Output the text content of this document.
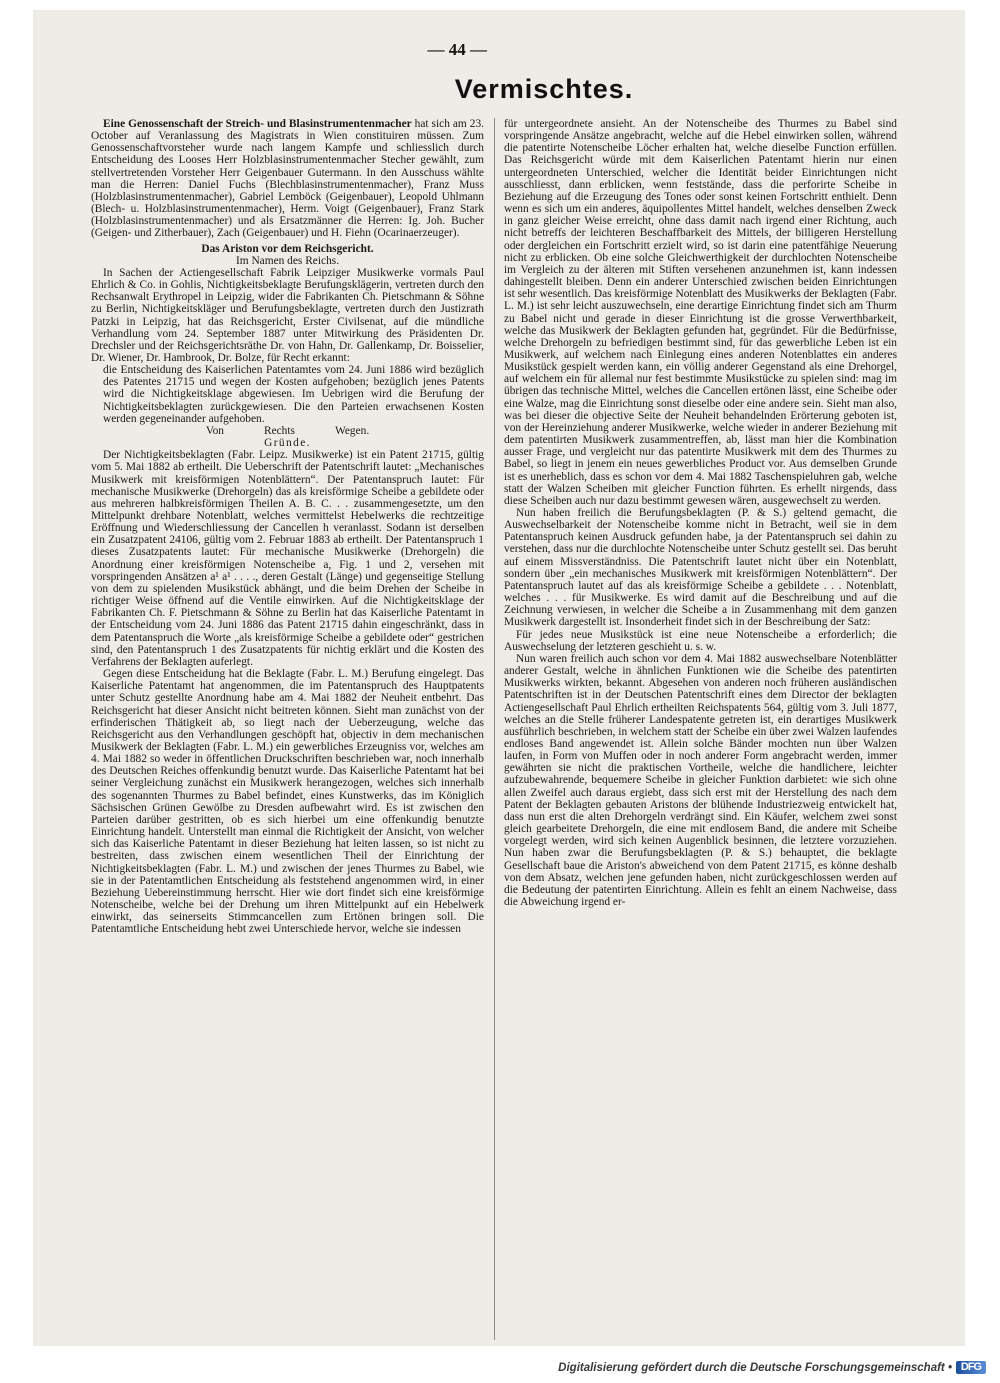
— 44 —
Vermischtes.

Eine Genossenschaft der Streich- und Blasinstrumentenmacher hat sich am 23. October auf Veranlassung des Magistrats in Wien constituiren müssen. Zum Genossenschaftvorsteher wurde nach langem Kampfe und schliesslich durch Entscheidung des Looses Herr Holzblasinstrumentenmacher Stecher gewählt, zum stellvertretenden Vorsteher Herr Geigenbauer Gutermann. In den Ausschuss wählte man die Herren: Daniel Fuchs (Blechblasinstrumentenmacher), Franz Muss (Holzblasinstrumentenmacher), Gabriel Lemböck (Geigenbauer), Leopold Uhlmann (Blech- u. Holzblasinstrumentenmacher), Herm. Voigt (Geigenbauer), Franz Stark (Holzblasinstrumentenmacher) und als Ersatzmänner die Herren: Ig. Joh. Bucher (Geigen- und Zitherbauer), Zach (Geigenbauer) und H. Fiehn (Ocarinaerzeuger).

Das Ariston vor dem Reichsgericht.

Im Namen des Reichs.

In Sachen der Actiengesellschaft Fabrik Leipziger Musikwerke vormals Paul Ehrlich & Co. in Gohlis, Nichtigkeitsbeklagte Berufungsklägerin, vertreten durch den Rechsanwalt Erythropel in Leipzig, wider die Fabrikanten Ch. Pietschmann & Söhne zu Berlin, Nichtigkeitskläger und Berufungsbeklagte, vertreten durch den Justizrath Patzki in Leipzig, hat das Reichsgericht, Erster Civilsenat, auf die mündliche Verhandlung vom 24. September 1887 unter Mitwirkung des Präsidenten Dr. Drechsler und der Reichsgerichtsräthe Dr. von Hahn, Dr. Gallenkamp, Dr. Boisselier, Dr. Wiener, Dr. Hambrook, Dr. Bolze, für Recht erkannt:

die Entscheidung des Kaiserlichen Patentamtes vom 24. Juni 1886 wird bezüglich des Patentes 21715 und wegen der Kosten aufgehoben; bezüglich jenes Patents wird die Nichtigkeitsklage abgewiesen. Im Uebrigen wird die Berufung der Nichtigkeitsbeklagten zurückgewiesen. Die den Parteien erwachsenen Kosten werden gegeneinander aufgehoben.

Von	Rechts	Wegen.

Gründe.

Der Nichtigkeitsbeklagten (Fabr. Leipz. Musikwerke) ist ein Patent 21715, gültig vom 5. Mai 1882 ab ertheilt. Die Ueberschrift der Patentschrift lautet: „Mechanisches Musikwerk mit kreisförmigen Notenblättern“. Der Patentanspruch lautet: Für mechanische Musikwerke (Drehorgeln) das als kreisförmige Scheibe a gebildete oder aus mehreren halbkreisförmigen Theilen A. B. C. . . zusammengesetzte, um den Mittelpunkt drehbare Notenblatt, welches vermittelst Hebelwerks die rechtzeitige Eröffnung und Wiederschliessung der Cancellen h veranlasst. Sodann ist derselben ein Zusatzpatent 24106, gültig vom 2. Februar 1883 ab ertheilt. Der Patentanspruch 1 dieses Zusatzpatents lautet: Für mechanische Musikwerke (Drehorgeln) die Anordnung einer kreisförmigen Notenscheibe a, Fig. 1 und 2, versehen mit vorspringenden Ansätzen a¹ a¹ . . . ., deren Gestalt (Länge) und gegenseitige Stellung von dem zu spielenden Musikstück abhängt, und die beim Drehen der Scheibe in richtiger Weise öffnend auf die Ventile einwirken. Auf die Nichtigkeitsklage der Fabrikanten Ch. F. Pietschmann & Söhne zu Berlin hat das Kaiserliche Patentamt in der Entscheidung vom 24. Juni 1886 das Patent 21715 dahin eingeschränkt, dass in dem Patentanspruch die Worte „als kreisförmige Scheibe a gebildete oder“ gestrichen sind, den Patentanspruch 1 des Zusatzpatents für nichtig erklärt und die Kosten des Verfahrens der Beklagten auferlegt.

Gegen diese Entscheidung hat die Beklagte (Fabr. L. M.) Berufung eingelegt. Das Kaiserliche Patentamt hat angenommen, die im Patentanspruch des Hauptpatents unter Schutz gestellte Anordnung habe am 4. Mai 1882 der Neuheit entbehrt. Das Reichsgericht hat dieser Ansicht nicht beitreten können. Sieht man zunächst von der erfinderischen Thätigkeit ab, so liegt nach der Ueberzeugung, welche das Reichsgericht aus den Verhandlungen geschöpft hat, objectiv in dem mechanischen Musikwerk der Beklagten (Fabr. L. M.) ein gewerbliches Erzeugniss vor, welches am 4. Mai 1882 so weder in öffentlichen Druckschriften beschrieben war, noch innerhalb des Deutschen Reiches offenkundig benutzt wurde. Das Kaiserliche Patentamt hat bei seiner Vergleichung zunächst ein Musikwerk herangezogen, welches sich innerhalb des sogenannten Thurmes zu Babel befindet, eines Kunstwerks, das im Königlich Sächsischen Grünen Gewölbe zu Dresden aufbewahrt wird. Es ist zwischen den Parteien darüber gestritten, ob es sich hierbei um eine offenkundig benutzte Einrichtung handelt. Unterstellt man einmal die Richtigkeit der Ansicht, von welcher sich das Kaiserliche Patentamt in dieser Beziehung hat leiten lassen, so ist nicht zu bestreiten, dass zwischen einem wesentlichen Theil der Einrichtung der Nichtigkeitsbeklagten (Fabr. L. M.) und zwischen der jenes Thurmes zu Babel, wie sie in der Patentamtlichen Entscheidung als feststehend angenommen wird, in einer Beziehung Uebereinstimmung herrscht. Hier wie dort findet sich eine kreisförmige Notenscheibe, welche bei der Drehung um ihren Mittelpunkt auf ein Hebelwerk einwirkt, das seinerseits Stimmcancellen zum Ertönen bringen soll. Die Patentamtliche Entscheidung hebt zwei Unterschiede hervor, welche sie indessen

für untergeordnete ansieht. An der Notenscheibe des Thurmes zu Babel sind vorspringende Ansätze angebracht, welche auf die Hebel einwirken sollen, während die patentirte Notenscheibe Löcher erhalten hat, welche dieselbe Function erfüllen. Das Reichsgericht würde mit dem Kaiserlichen Patentamt hierin nur einen untergeordneten Unterschied, welcher die Identität beider Einrichtungen nicht ausschliesst, dann erblicken, wenn feststände, dass die perforirte Scheibe in Beziehung auf die Erzeugung des Tones oder sonst keinen Fortschritt enthielt. Denn wenn es sich um ein anderes, äquipollentes Mittel handelt, welches denselben Zweck in ganz gleicher Weise erreicht, ohne dass damit nach irgend einer Richtung, auch nicht betreffs der leichteren Beschaffbarkeit des Mittels, der billigeren Herstellung oder dergleichen ein Fortschritt erzielt wird, so ist darin eine patentfähige Neuerung nicht zu erblicken. Ob eine solche Gleichwerthigkeit der durchlochten Notenscheibe im Vergleich zu der älteren mit Stiften versehenen anzunehmen ist, kann indessen dahingestellt bleiben. Denn ein anderer Unterschied zwischen beiden Einrichtungen ist sehr wesentlich. Das kreisförmige Notenblatt des Musikwerks der Beklagten (Fabr. L. M.) ist sehr leicht auszuwechseln, eine derartige Einrichtung findet sich am Thurm zu Babel nicht und gerade in dieser Einrichtung ist die grosse Verwerthbarkeit, welche das Musikwerk der Beklagten gefunden hat, gegründet. Für die Bedürfnisse, welche Drehorgeln zu befriedigen bestimmt sind, für das gewerbliche Leben ist ein Musikwerk, auf welchem nach Einlegung eines anderen Notenblattes ein anderes Musikstück gespielt werden kann, ein völlig anderer Gegenstand als eine Drehorgel, auf welchem ein für allemal nur fest bestimmte Musikstücke zu spielen sind: mag im übrigen das technische Mittel, welches die Cancellen ertönen lässt, eine Scheibe oder eine Walze, mag die Einrichtung sonst dieselbe oder eine andere sein. Sieht man also, was bei dieser die objective Seite der Neuheit behandelnden Erörterung geboten ist, von der Hereinziehung anderer Musikwerke, welche wieder in anderer Beziehung mit dem patentirten Musikwerk zusammentreffen, ab, lässt man hier die Kombination ausser Frage, und vergleicht nur das patentirte Musikwerk mit dem des Thurmes zu Babel, so liegt in jenem ein neues gewerbliches Product vor. Aus demselben Grunde ist es unerheblich, dass es schon vor dem 4. Mai 1882 Taschenspieluhren gab, welche statt der Walzen Scheiben mit gleicher Function führten. Es erhellt nirgends, dass diese Scheiben auch nur dazu bestimmt gewesen wären, ausgewechselt zu werden.

Nun haben freilich die Berufungsbeklagten (P. & S.) geltend gemacht, die Auswechselbarkeit der Notenscheibe komme nicht in Betracht, weil sie in dem Patentanspruch keinen Ausdruck gefunden habe, ja der Patentanspruch sei dahin zu verstehen, dass nur die durchlochte Notenscheibe unter Schutz gestellt sei. Das beruht auf einem Missverständniss. Die Patentschrift lautet nicht über ein Notenblatt, sondern über „ein mechanisches Musikwerk mit kreisförmigen Notenblättern“. Der Patentanspruch lautet auf das als kreisförmige Scheibe a gebildete . . . Notenblatt, welches . . . für Musikwerke. Es wird damit auf die Beschreibung und auf die Zeichnung verwiesen, in welcher die Scheibe a in Zusammenhang mit dem ganzen Musikwerk dargestellt ist. Insonderheit findet sich in der Beschreibung der Satz:

Für jedes neue Musikstück ist eine neue Notenscheibe a erforderlich; die Auswechselung der letzteren geschieht u. s. w.

Nun waren freilich auch schon vor dem 4. Mai 1882 auswechselbare Notenblätter anderer Gestalt, welche in ähnlichen Funktionen wie die Scheibe des patentirten Musikwerks wirkten, bekannt. Abgesehen von anderen noch früheren ausländischen Patentschriften ist in der Deutschen Patentschrift eines dem Director der beklagten Actiengesellschaft Paul Ehrlich ertheilten Reichspatents 564, gültig vom 3. Juli 1877, welches an die Stelle früherer Landespatente getreten ist, ein derartiges Musikwerk ausführlich beschrieben, in welchem statt der Scheibe ein über zwei Walzen laufendes endloses Band angewendet ist. Allein solche Bänder mochten nun über Walzen laufen, in Form von Muffen oder in noch anderer Form angebracht werden, immer gewährten sie nicht die praktischen Vortheile, welche die handlichere, leichter aufzubewahrende, bequemere Scheibe in gleicher Funktion darbietet: wie sich ohne allen Zweifel auch daraus ergiebt, dass sich erst mit der Herstellung des nach dem Patent der Beklagten gebauten Aristons der blühende Industriezweig entwickelt hat, dass nun erst die alten Drehorgeln verdrängt sind. Ein Käufer, welchem zwei sonst gleich gearbeitete Drehorgeln, die eine mit endlosem Band, die andere mit Scheibe vorgelegt werden, wird sich keinen Augenblick besinnen, die letztere vorzuziehen. Nun haben zwar die Berufungsbeklagten (P. & S.) behauptet, die beklagte Gesellschaft baue die Ariston's abweichend von dem Patent 21715, es könne deshalb von dem Absatz, welchen jene gefunden haben, nicht zurückgeschlossen werden auf die Bedeutung der patentirten Einrichtung. Allein es fehlt an einem Nachweise, dass die Abweichung irgend er-

Digitalisierung gefördert durch die Deutsche Forschungsgemeinschaft • DFG
